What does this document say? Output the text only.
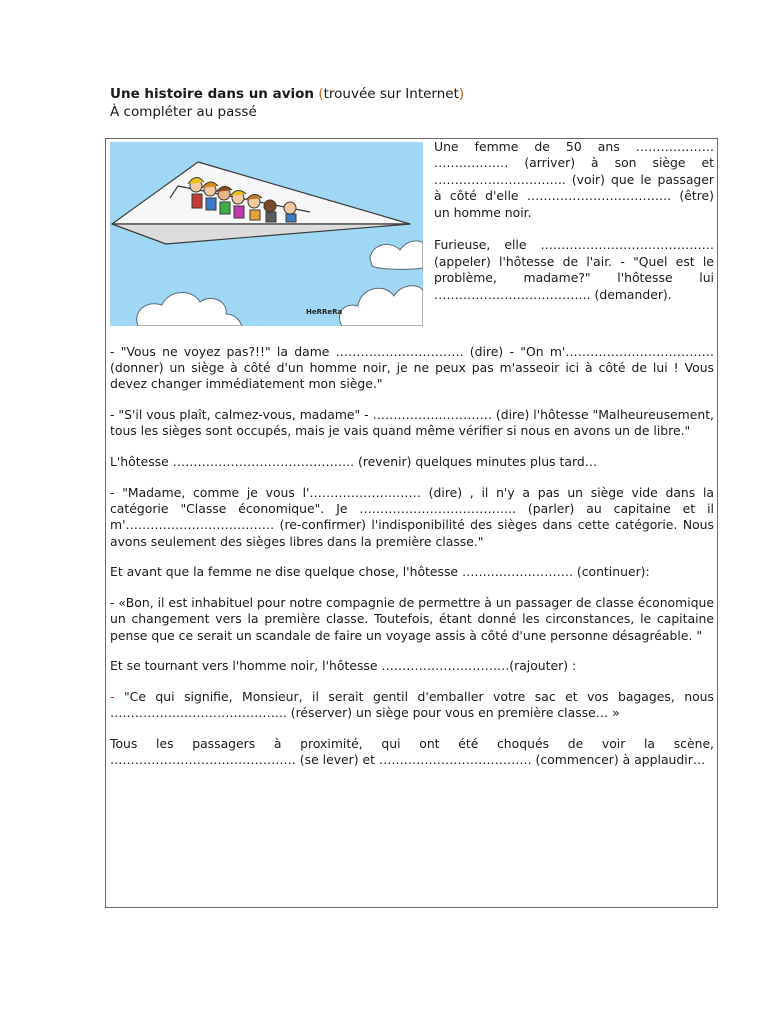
Une histoire dans un avion (trouvée sur Internet)
À compléter au passé
HeRReRa

Une femme de 50 ans ………………. ……………… (arriver) à son siège et ………………………….. (voir) que le passager à côté d'elle …………………………….. (être) un homme noir.

Furieuse, elle …………………………………… (appeler) l'hôtesse de l'air. - "Quel est le problème, madame?" l'hôtesse lui ……………………………….. (demander).

- "Vous ne voyez pas?!!" la dame …………………………. (dire) - "On m'……………………………… (donner) un siège à côté d'un homme noir, je ne peux pas m'asseoir ici à côté de lui ! Vous devez changer immédiatement mon siège."

- "S'il vous plaît, calmez-vous, madame" - ……………..………… (dire) l'hôtesse "Malheureusement, tous les sièges sont occupés, mais je vais quand même vérifier si nous en avons un de libre."

L'hôtesse …………………………………….. (revenir) quelques minutes plus tard…

- "Madame, comme je vous l'……………………… (dire) , il n'y a pas un siège vide dans la catégorie "Classe économique". Je ……………………………….. (parler) au capitaine et il m'……………………………… (re-confirmer) l'indisponibilité des sièges dans cette catégorie. Nous avons seulement des sièges libres dans la première classe."

Et avant que la femme ne dise quelque chose, l'hôtesse ……..………………. (continuer):

- «Bon, il est inhabituel pour notre compagnie de permettre à un passager de classe économique un changement vers la première classe. Toutefois, étant donné les circonstances, le capitaine pense que ce serait un scandale de faire un voyage assis à côté d'une personne désagréable. "

Et se tournant vers l'homme noir, l'hôtesse ………………………….(rajouter) :

- "Ce qui signifie, Monsieur, il serait gentil d'emballer votre sac et vos bagages, nous ……………..…………………….. (réserver) un siège pour vous en première classe… »

Tous les passagers à proximité, qui ont été choqués de voir la scène, ……………………………………… (se lever) et ………………………………. (commencer) à applaudir…
